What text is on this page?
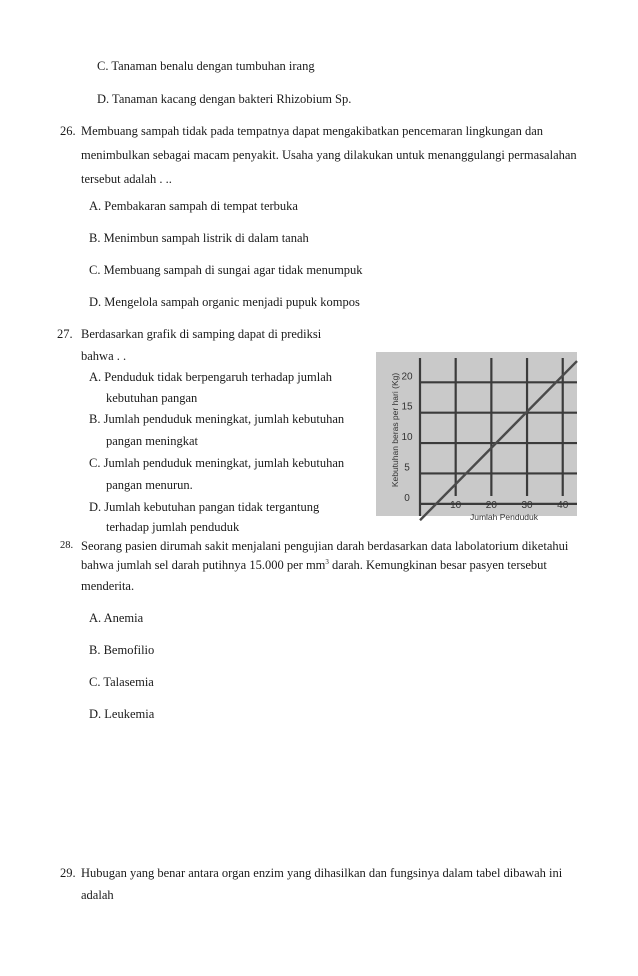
C. Tanaman benalu dengan tumbuhan irang
D. Tanaman kacang dengan bakteri Rhizobium Sp.
26. Membuang sampah tidak pada tempatnya dapat mengakibatkan pencemaran lingkungan dan
menimbulkan sebagai macam penyakit. Usaha yang dilakukan untuk menanggulangi permasalahan
tersebut adalah . ..
A. Pembakaran sampah di tempat terbuka
B. Menimbun sampah listrik di dalam tanah
C. Membuang sampah di sungai agar tidak menumpuk
D. Mengelola sampah organic menjadi pupuk kompos
27. Berdasarkan grafik di samping dapat di prediksi
bahwa . .
A. Penduduk tidak berpengaruh terhadap jumlah
kebutuhan pangan
B. Jumlah penduduk meningkat, jumlah kebutuhan
pangan meningkat
C. Jumlah penduduk meningkat, jumlah kebutuhan
pangan menurun.
D. Jumlah kebutuhan pangan tidak tergantung
terhadap jumlah penduduk
0
5
10
15
20
10 20 30 40
Kebutuhan beras per hari (Kg)
Jumlah Penduduk
28. Seorang pasien dirumah sakit menjalani pengujian darah berdasarkan data labolatorium diketahui
bahwa jumlah sel darah putihnya 15.000 per $mm^3$ darah. Kemungkinan besar pasyen tersebut
menderita.
A. Anemia
B. Bemofilio
C. Talasemia
D. Leukemia
29. Hubugan yang benar antara organ enzim yang dihasilkan dan fungsinya dalam tabel dibawah ini
adalah
